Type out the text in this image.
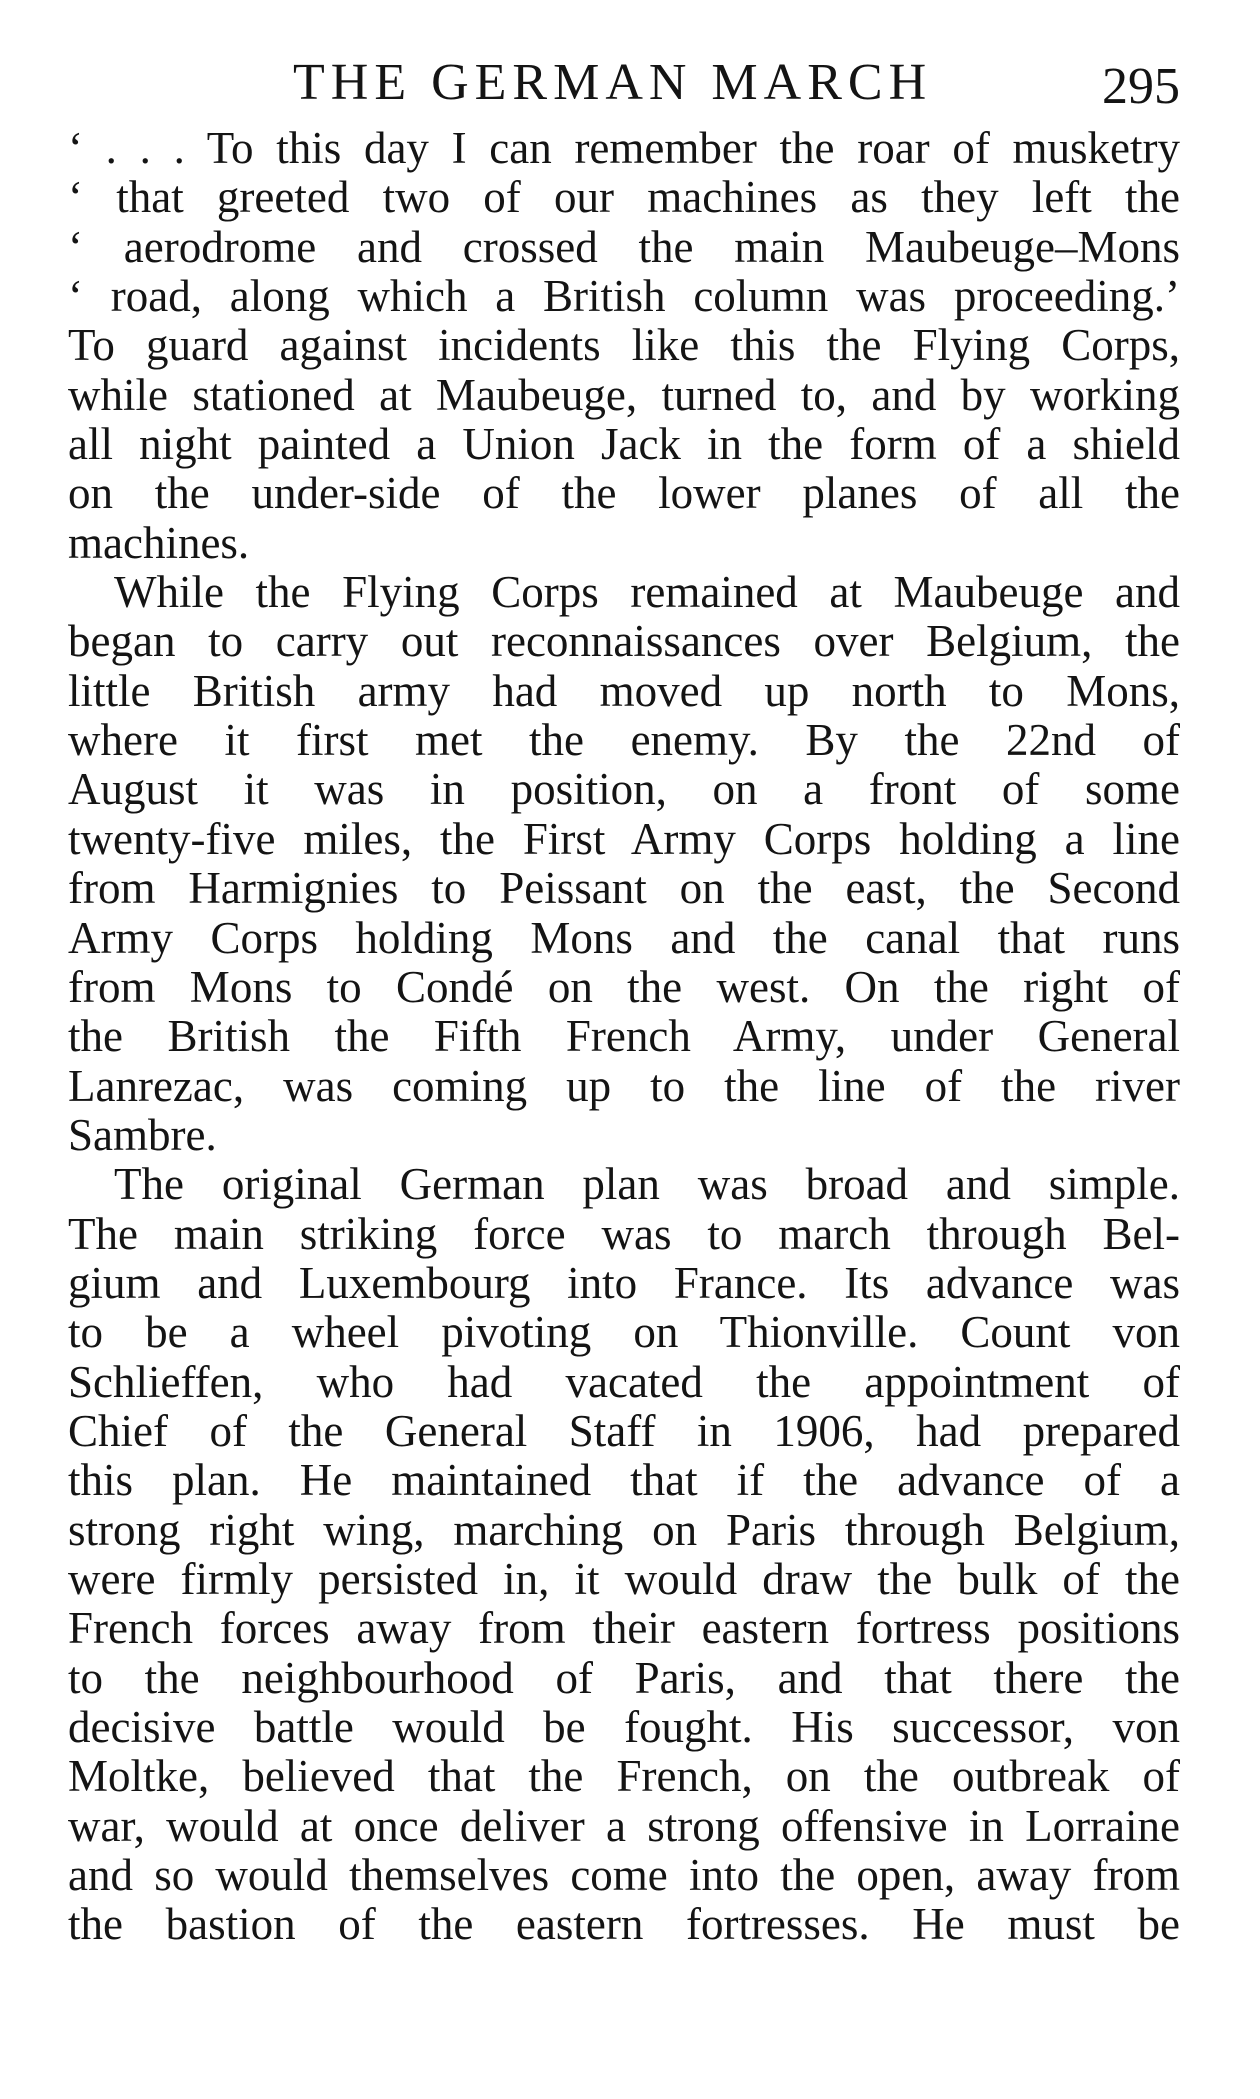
THE GERMAN MARCH	295
‘ . . . To this day I can remember the roar of musketry
‘ that greeted two of our machines as they left the
‘ aerodrome and crossed the main Maubeuge–Mons
‘ road, along which a British column was proceeding.’
To guard against incidents like this the Flying Corps,
while stationed at Maubeuge, turned to, and by working
all night painted a Union Jack in the form of a shield
on the under-side of the lower planes of all the
machines.
While the Flying Corps remained at Maubeuge and
began to carry out reconnaissances over Belgium, the
little British army had moved up north to Mons,
where it first met the enemy. By the 22nd of
August it was in position, on a front of some
twenty-five miles, the First Army Corps holding a line
from Harmignies to Peissant on the east, the Second
Army Corps holding Mons and the canal that runs
from Mons to Condé on the west. On the right of
the British the Fifth French Army, under General
Lanrezac, was coming up to the line of the river
Sambre.
The original German plan was broad and simple.
The main striking force was to march through Bel-
gium and Luxembourg into France. Its advance was
to be a wheel pivoting on Thionville. Count von
Schlieffen, who had vacated the appointment of
Chief of the General Staff in 1906, had prepared
this plan. He maintained that if the advance of a
strong right wing, marching on Paris through Belgium,
were firmly persisted in, it would draw the bulk of the
French forces away from their eastern fortress positions
to the neighbourhood of Paris, and that there the
decisive battle would be fought. His successor, von
Moltke, believed that the French, on the outbreak of
war, would at once deliver a strong offensive in Lorraine
and so would themselves come into the open, away from
the bastion of the eastern fortresses. He must be
